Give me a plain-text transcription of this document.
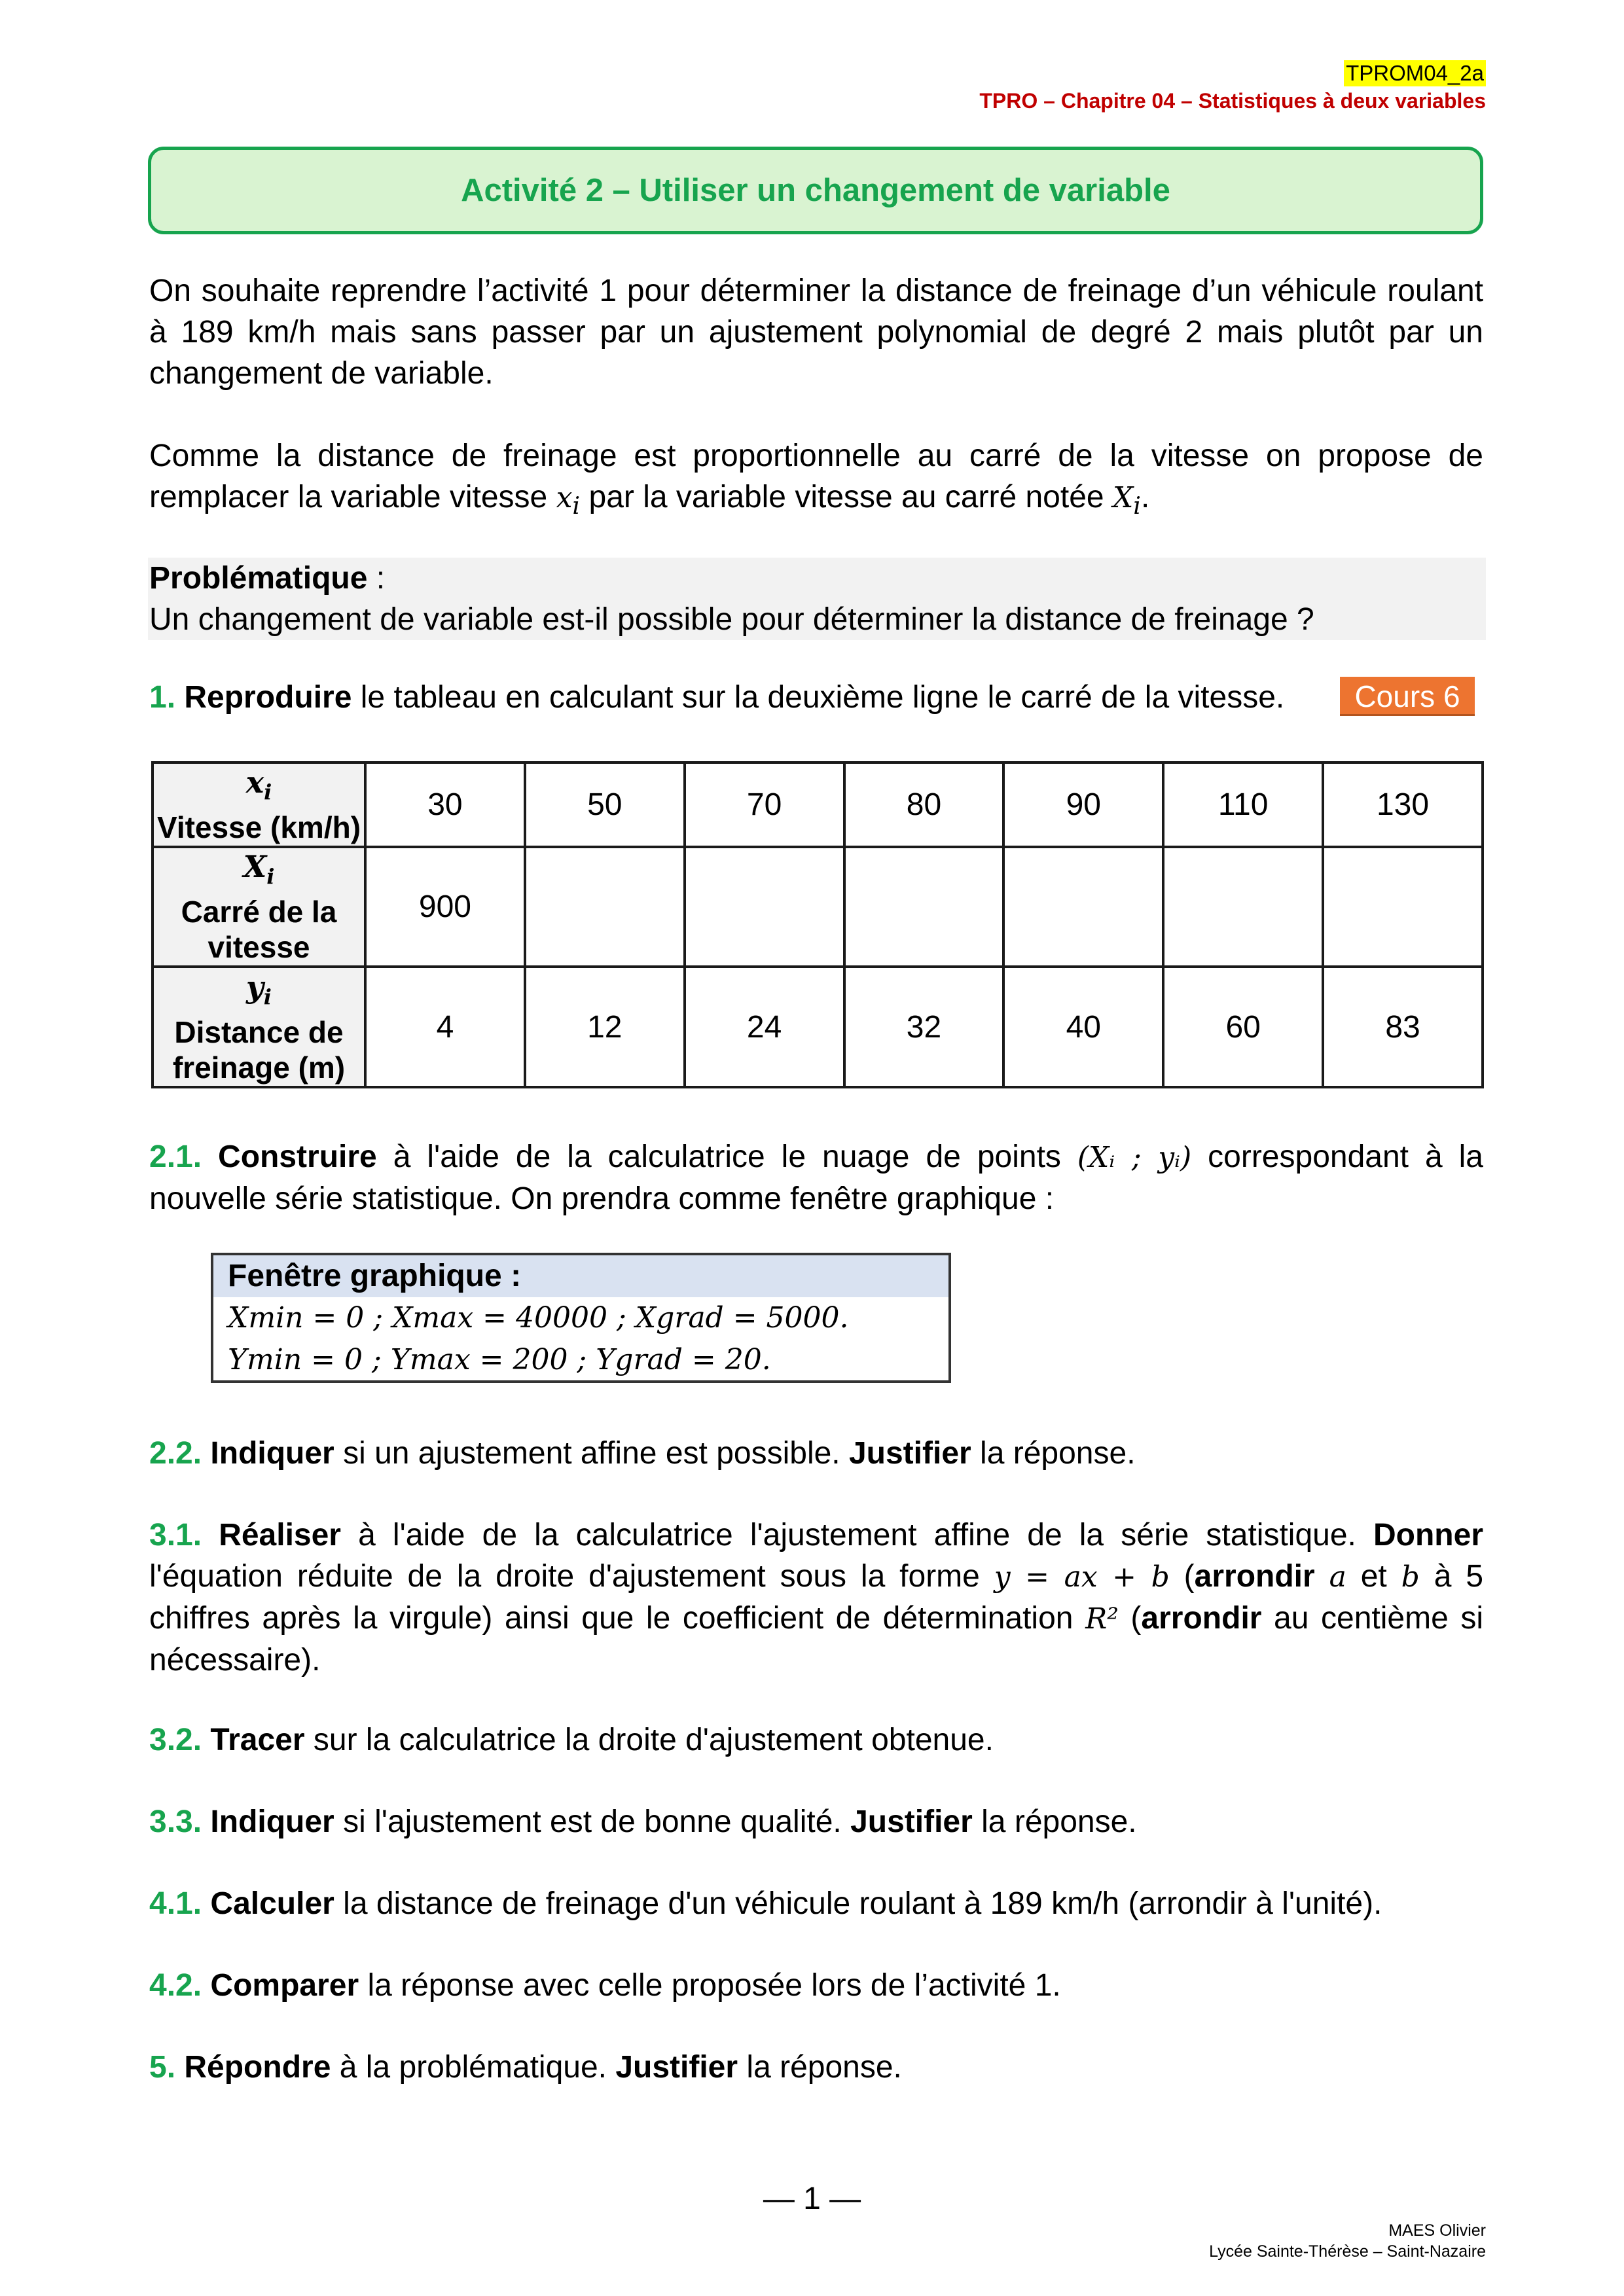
TPROM04_2a
TPRO – Chapitre 04 – Statistiques à deux variables
Activité 2 – Utiliser un changement de variable
On souhaite reprendre l’activité 1 pour déterminer la distance de freinage d’un véhicule roulant à 189 km/h mais sans passer par un ajustement polynomial de degré 2 mais plutôt par un changement de variable.
Comme la distance de freinage est proportionnelle au carré de la vitesse on propose de remplacer la variable vitesse $x_i$ par la variable vitesse au carré notée $X_i$.
Problématique :
Un changement de variable est-il possible pour déterminer la distance de freinage ?
1. Reproduire le tableau en calculant sur la deuxième ligne le carré de la vitesse.	Cours 6
$x_i$
Vitesse (km/h)	30	50	70	80	90	110	130

$X_i$
Carré de la vitesse	900						

$y_i$
Distance de freinage (m)	4	12	24	32	40	60	83
2.1. Construire à l'aide de la calculatrice le nuage de points (Xᵢ ; yᵢ) correspondant à la nouvelle série statistique. On prendra comme fenêtre graphique :
Fenêtre graphique :
Xmin = 0 ; Xmax = 40000 ; Xgrad = 5000.
Ymin = 0 ; Ymax = 200 ; Ygrad = 20.
2.2. Indiquer si un ajustement affine est possible. Justifier la réponse.
3.1. Réaliser à l'aide de la calculatrice l'ajustement affine de la série statistique. Donner l'équation réduite de la droite d'ajustement sous la forme y = ax + b (arrondir a et b à 5 chiffres après la virgule) ainsi que le coefficient de détermination R² (arrondir au centième si nécessaire).
3.2. Tracer sur la calculatrice la droite d'ajustement obtenue.
3.3. Indiquer si l'ajustement est de bonne qualité. Justifier la réponse.
4.1. Calculer la distance de freinage d'un véhicule roulant à 189 km/h (arrondir à l'unité).
4.2. Comparer la réponse avec celle proposée lors de l’activité 1.
5. Répondre à la problématique. Justifier la réponse.
— 1 —
MAES Olivier
Lycée Sainte-Thérèse – Saint-Nazaire
